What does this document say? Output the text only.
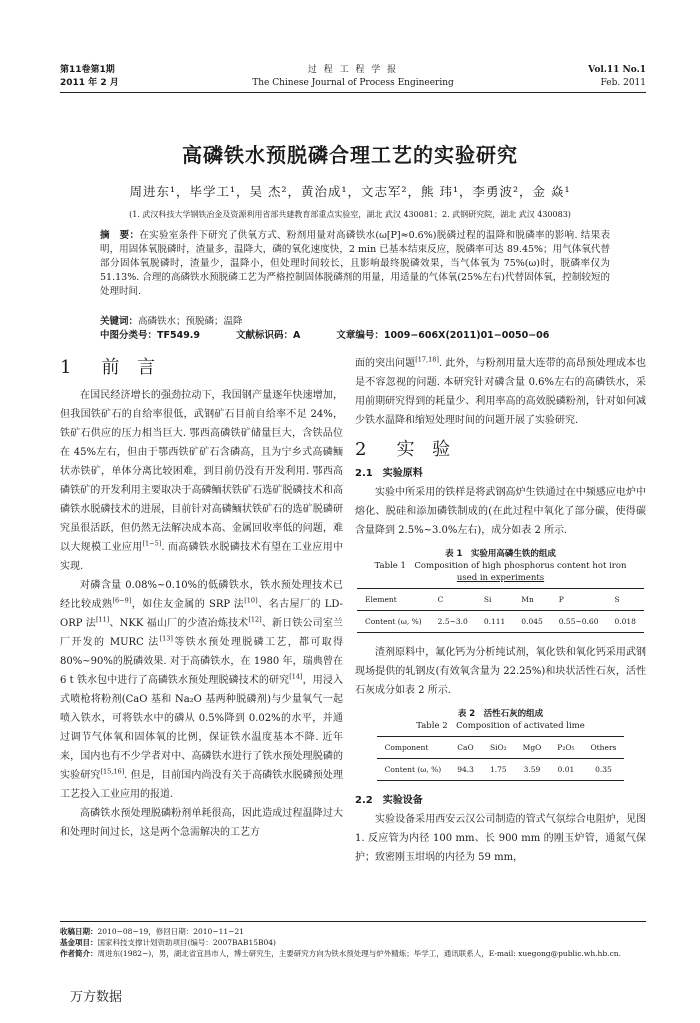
第11卷第1期
2011 年 2 月
过 程 工 程 学 报
The Chinese Journal of Process Engineering
Vol.11 No.1
Feb. 2011
高磷铁水预脱磷合理工艺的实验研究
周进东¹，毕学工¹，吴 杰²，黄治成¹，文志军²，熊 玮¹，李勇波²，金 焱¹
(1. 武汉科技大学钢铁冶金及资源利用省部共建教育部重点实验室，湖北 武汉 430081；2. 武钢研究院，湖北 武汉 430083)
摘　要：在实验室条件下研究了供氧方式、粉剂用量对高磷铁水(ω[P]≈0.6%)脱磷过程的温降和脱磷率的影响. 结果表明，用固体氧脱磷时，渣量多，温降大，磷的氧化速度快，2 min 已基本结束反应，脱磷率可达 89.45%；用气体氧代替部分固体氧脱磷时，渣量少，温降小，但处理时间较长，且影响最终脱磷效果，当气体氧为 75%(ω)时，脱磷率仅为 51.13%. 合理的高磷铁水预脱磷工艺为严格控制固体脱磷剂的用量，用适量的气体氧(25%左右)代替固体氧，控制较短的处理时间.
关键词：高磷铁水；预脱磷；温降
中图分类号：TF549.9	文献标识码：A	文章编号：1009−606X(2011)01−0050−06
1　前 言

在国民经济增长的强劲拉动下，我国钢产量逐年快速增加，但我国铁矿石的自给率很低，武钢矿石目前自给率不足 24%，铁矿石供应的压力相当巨大. 鄂西高磷铁矿储量巨大，含铁品位在 45%左右，但由于鄂西铁矿矿石含磷高，且为宁乡式高磷鲕状赤铁矿，单体分离比较困难，到目前仍没有开发利用. 鄂西高磷铁矿的开发利用主要取决于高磷鲕状铁矿石选矿脱磷技术和高磷铁水脱磷技术的进展，目前针对高磷鲕状铁矿石的选矿脱磷研究虽很活跃，但仍然无法解决成本高、金属回收率低的问题，难以大规模工业应用[1−5]. 而高磷铁水脱磷技术有望在工业应用中实现.

对磷含量 0.08%~0.10%的低磷铁水，铁水预处理技术已经比较成熟[6−9]，如住友金属的 SRP 法[10]、名古屋厂的 LD-ORP 法[11]、NKK 福山厂的少渣冶炼技术[12]、新日铁公司室兰厂开发的 MURC 法[13]等铁水预处理脱磷工艺，都可取得 80%~90%的脱磷效果. 对于高磷铁水，在 1980 年，瑞典曾在 6 t 铁水包中进行了高磷铁水预处理脱磷技术的研究[14]，用浸入式喷枪将粉剂(CaO 基和 Na₂O 基两种脱磷剂)与少量氧气一起喷入铁水，可将铁水中的磷从 0.5%降到 0.02%的水平，并通过调节气体氧和固体氧的比例，保证铁水温度基本不降. 近年来，国内也有不少学者对中、高磷铁水进行了铁水预处理脱磷的实验研究[15,16]. 但是，目前国内尚没有关于高磷铁水脱磷预处理工艺投入工业应用的报道.

高磷铁水预处理脱磷粉剂单耗很高，因此造成过程温降过大和处理时间过长，这是两个急需解决的工艺方

面的突出问题[17,18]. 此外，与粉剂用量大连带的高昂预处理成本也是不容忽视的问题. 本研究针对磷含量 0.6%左右的高磷铁水，采用前期研究得到的耗量少、利用率高的高效脱磷粉剂，针对如何减少铁水温降和缩短处理时间的问题开展了实验研究.

2　实 验
2.1　实验原料

实验中所采用的铁样是将武钢高炉生铁通过在中频感应电炉中熔化、脱硅和添加磷铁制成的(在此过程中氧化了部分碳，使得碳含量降到 2.5%~3.0%左右)，成分如表 2 所示.

表 1　实验用高磷生铁的组成
Table 1　Composition of high phosphorus content hot iron
used in experiments
Element	C	Si	Mn	P	S
Content (ω, %)	2.5~3.0	0.111	0.045	0.55~0.60	0.018

渣剂原料中，氟化钙为分析纯试剂，氧化铁和氧化钙采用武钢现场提供的轧钢皮(有效氧含量为 22.25%)和块状活性石灰，活性石灰成分如表 2 所示.

表 2　活性石灰的组成
Table 2　Composition of activated lime
Component	CaO	SiO₂	MgO	P₂O₅	Others
Content (ω, %)	94.3	1.75	3.59	0.01	0.35
2.2　实验设备

实验设备采用西安云汉公司制造的管式气氛综合电阻炉，见图 1. 反应管为内径 100 mm、长 900 mm 的刚玉炉管，通氮气保护；致密刚玉坩埚的内径为 59 mm，

收稿日期：2010−08−19，修回日期：2010−11−21
基金项目：国家科技支撑计划资助项目(编号：2007BAB15B04)
作者简介：周进东(1982−)，男，湖北省宜昌市人，博士研究生，主要研究方向为铁水预处理与炉外精炼；毕学工，通讯联系人，E-mail: xuegong@public.wh.hb.cn.
万方数据
